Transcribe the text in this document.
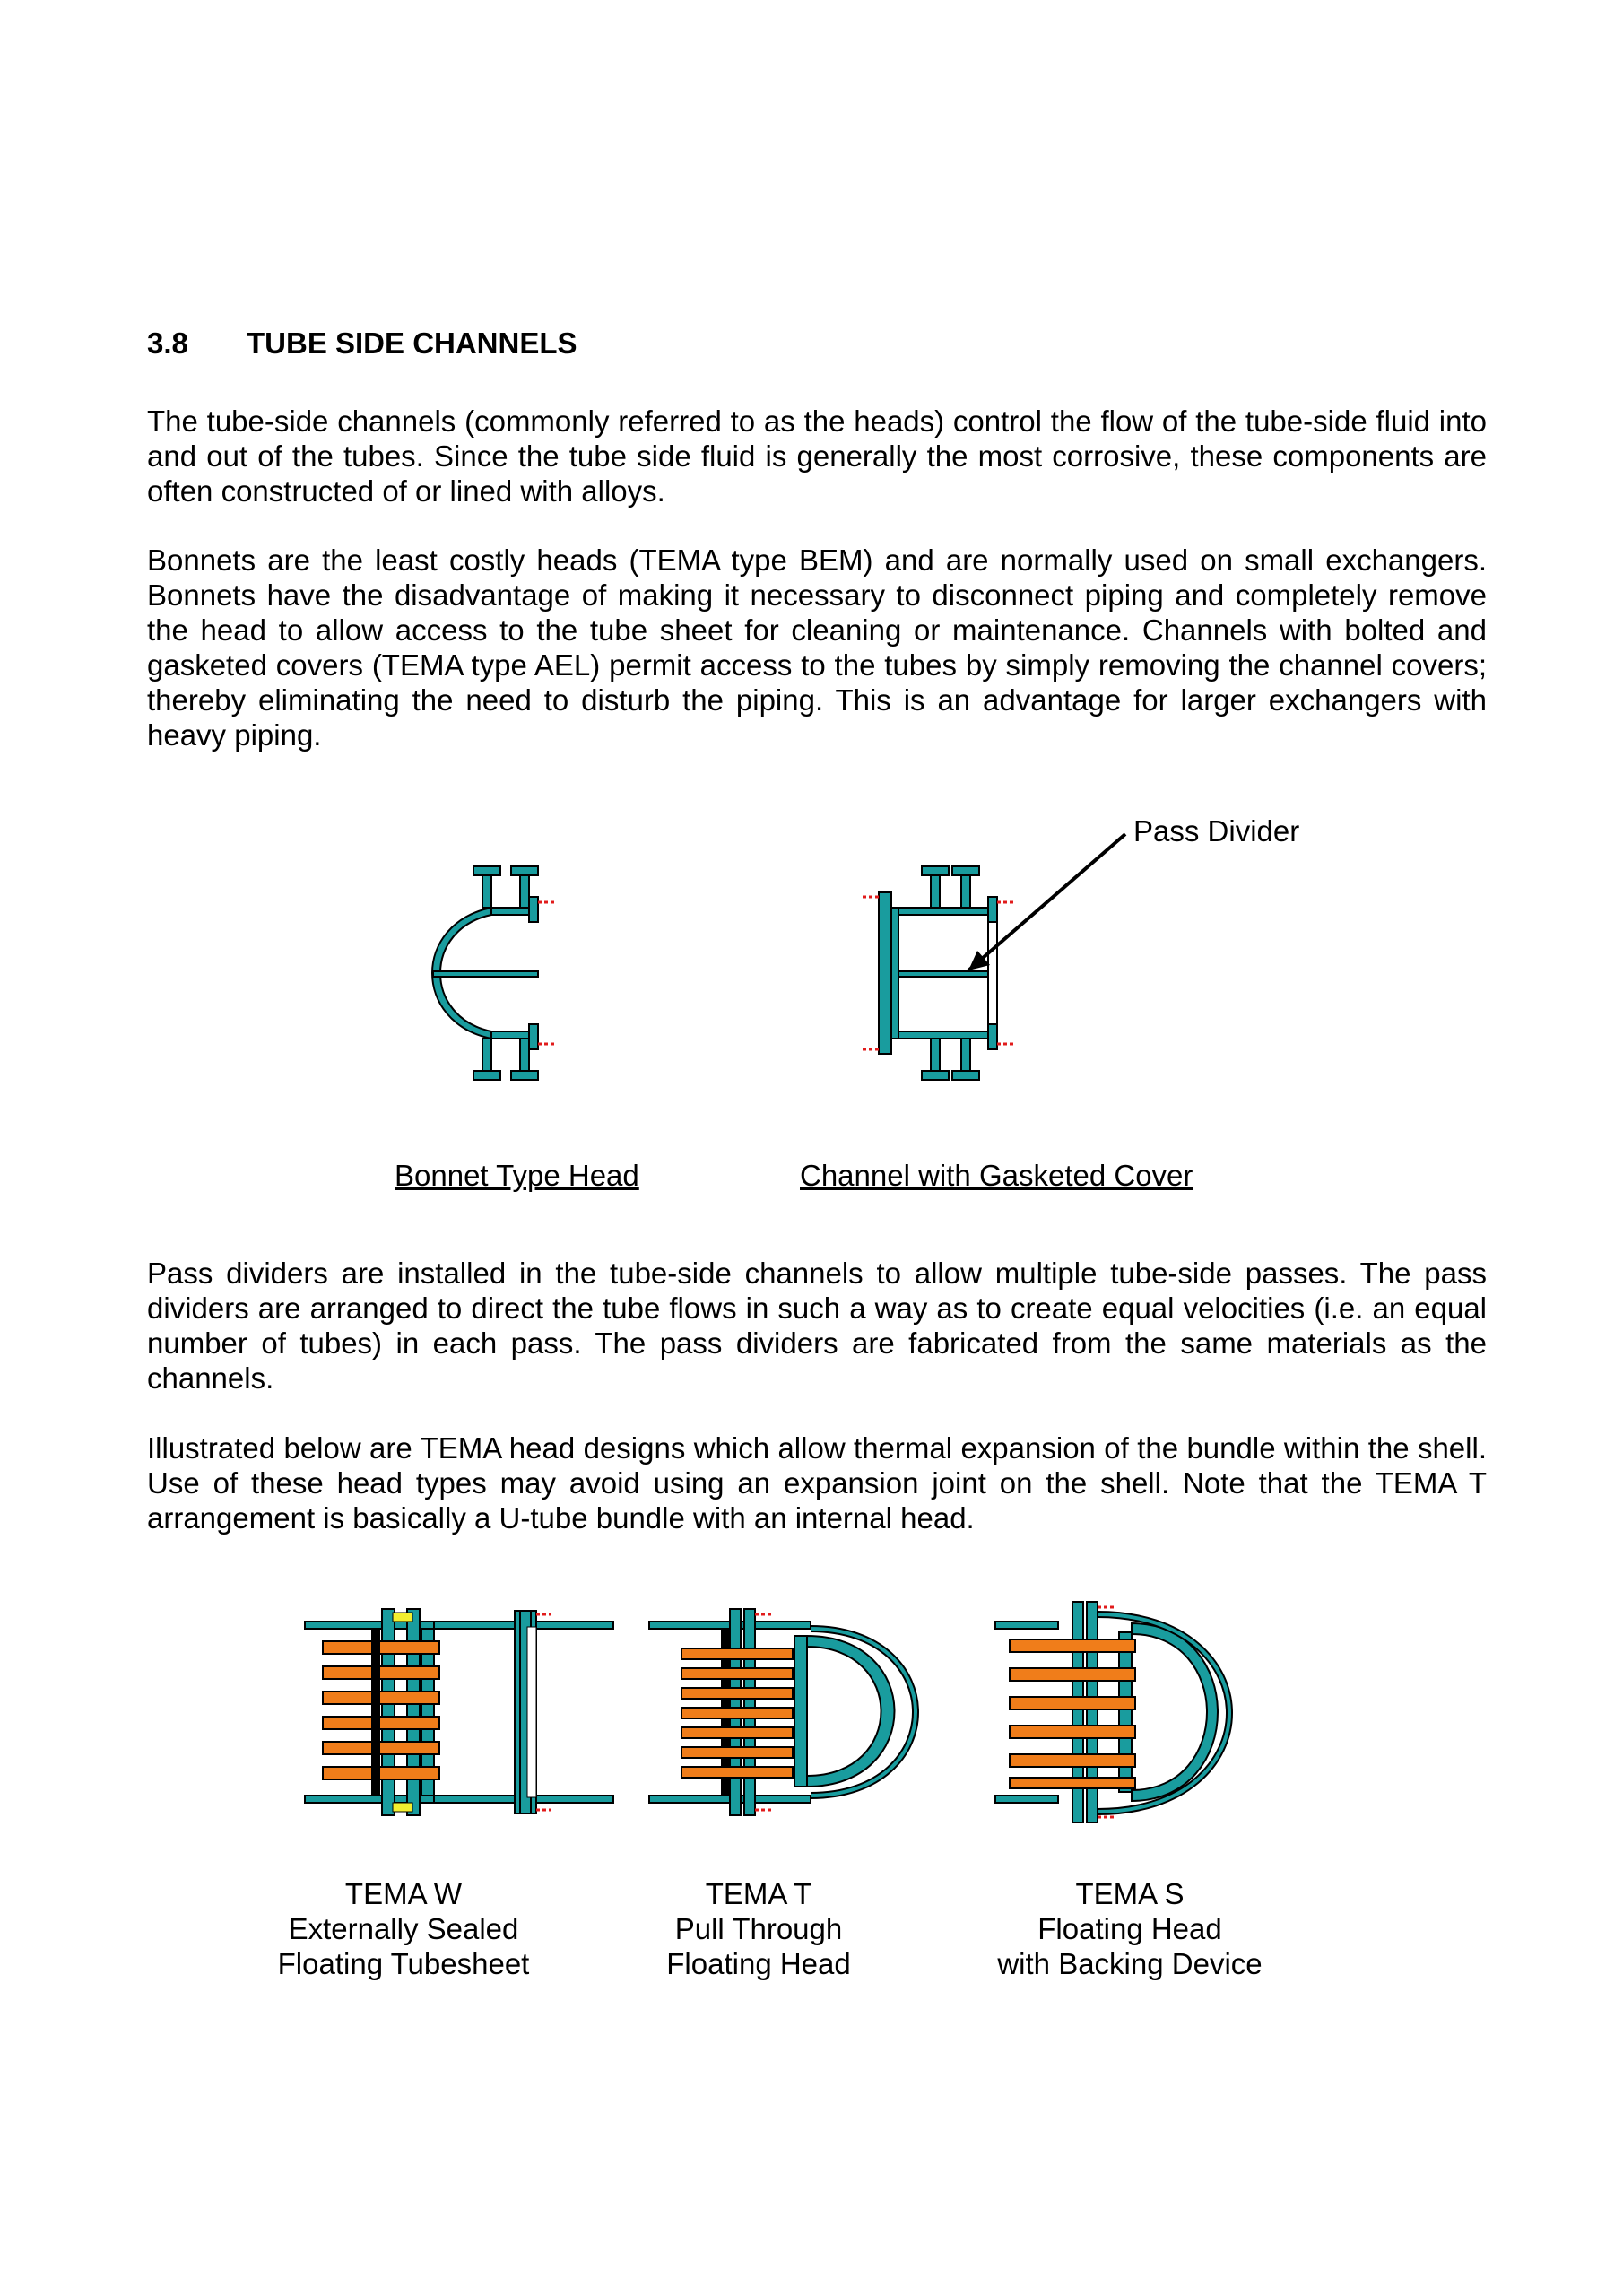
3.8	TUBE SIDE CHANNELS

The tube-side channels (commonly referred to as the heads) control the flow of the tube-side fluid into and out of the tubes. Since the tube side fluid is generally the most corrosive, these components are often constructed of or lined with alloys.

Bonnets are the least costly heads (TEMA type BEM) and are normally used on small exchangers. Bonnets have the disadvantage of making it necessary to disconnect piping and completely remove the head to allow access to the tube sheet for cleaning or maintenance. Channels with bolted and gasketed covers (TEMA type AEL) permit access to the tubes by simply removing the channel covers; thereby eliminating the need to disturb the piping. This is an advantage for larger exchangers with heavy piping.

Pass Divider
Bonnet Type Head	Channel with Gasketed Cover

Pass dividers are installed in the tube-side channels to allow multiple tube-side passes. The pass dividers are arranged to direct the tube flows in such a way as to create equal velocities (i.e. an equal number of tubes) in each pass. The pass dividers are fabricated from the same materials as the channels.

Illustrated below are TEMA head designs which allow thermal expansion of the bundle within the shell. Use of these head types may avoid using an expansion joint on the shell. Note that the TEMA T arrangement is basically a U-tube bundle with an internal head.

TEMA W
Externally Sealed
Floating Tubesheet
TEMA T
Pull Through
Floating Head
TEMA S
Floating Head
with Backing Device
